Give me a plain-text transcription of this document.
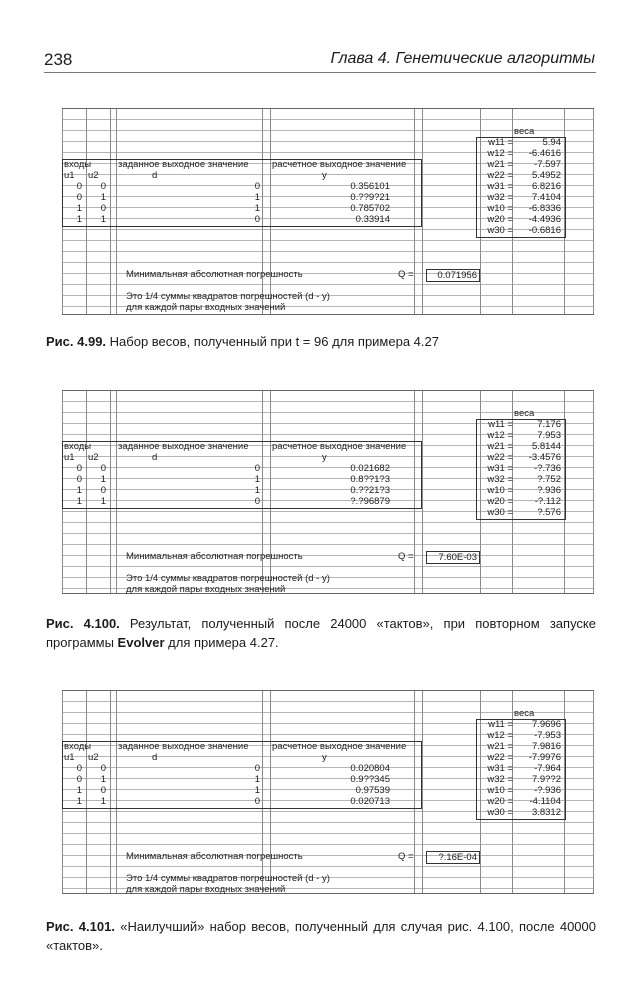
238	Глава 4. Генетические алгоритмы
веса
w11 =	5.94
w12 =	-6.4616
w21 =	-7.597
w22 =	5.4952
w31 =	6.8216
w32 =	7.4104
w10 =	-6.8336
w20 =	-4.4936
w30 =	-0.6816
входы	заданное выходное значение	расчетное выходное значение
u1	u2	d	y
0	0	0	0.356101
0	1	1	0.??9?21
1	0	1	0.785702
1	1	0	0.33914
Минимальная абсолютная погрешность	Q =	0.071956
Это 1/4 суммы квадратов погрешностей (d - y)
для каждой пары входных значений
Рис. 4.99. Набор весов, полученный при t = 96 для примера 4.27
веса
w11 =	7.176
w12 =	7.953
w21 =	5.8144
w22 =	-3.4576
w31 =	-?.736
w32 =	?.752
w10 =	?.936
w20 =	-?.112
w30 =	?.576
входы	заданное выходное значение	расчетное выходное значение
u1	u2	d	y
0	0	0	0.021682
0	1	1	0.8??1?3
1	0	1	0.??21?3
1	1	0	?.?96879
Минимальная абсолютная погрешность	Q =	7.60E-03
Это 1/4 суммы квадратов погрешностей (d - y)
для каждой пары входных значений
Рис. 4.100. Результат, полученный после 24000 «тактов», при повторном запуске программы Evolver для примера 4.27.
веса
w11 =	7.9696
w12 =	-7.953
w21 =	7.9816
w22 =	-7.9976
w31 =	-7.964
w32 =	7.9??2
w10 =	-?.936
w20 =	-4.1104
w30 =	3.8312
входы	заданное выходное значение	расчетное выходное значение
u1	u2	d	y
0	0	0	0.020804
0	1	1	0.9??345
1	0	1	0.97539
1	1	0	0.020713
Минимальная абсолютная погрешность	Q =	?.16E-04
Это 1/4 суммы квадратов погрешностей (d - y)
для каждой пары входных значений
Рис. 4.101. «Наилучший» набор весов, полученный для случая рис. 4.100, после 40000 «тактов».
